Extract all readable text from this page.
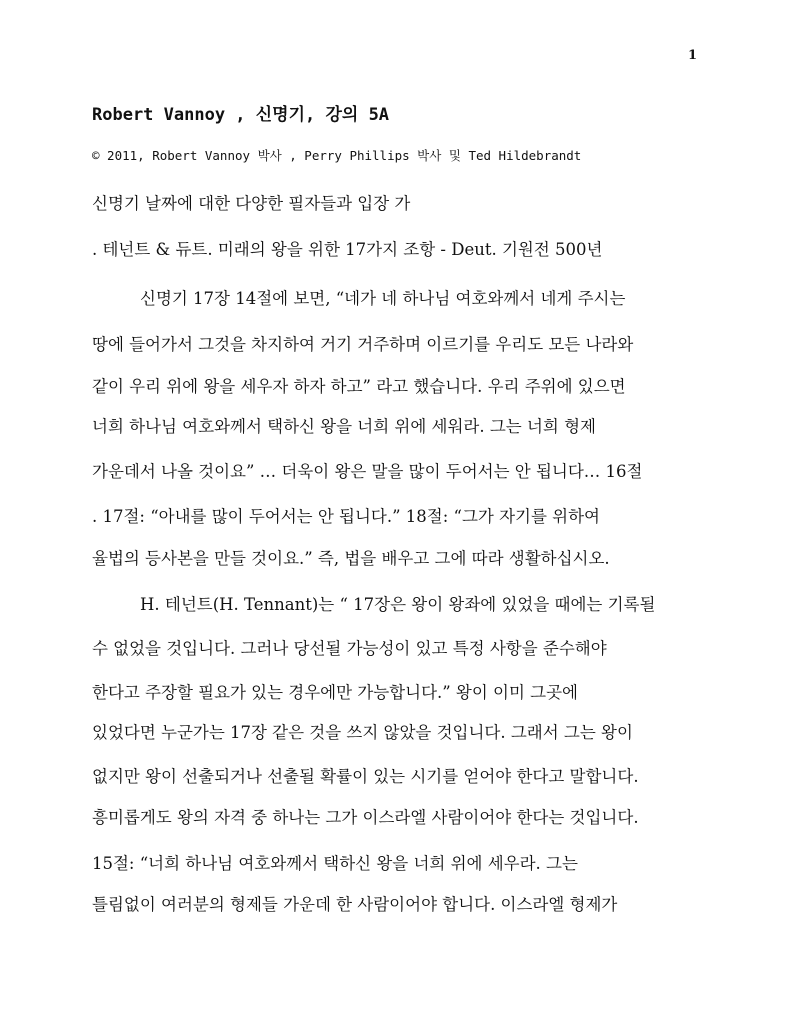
1
Robert Vannoy , 신명기, 강의 5A
© 2011, Robert Vannoy 박사 , Perry Phillips 박사 및 Ted Hildebrandt
신명기 날짜에 대한 다양한 필자들과 입장 가
. 테넌트 & 듀트. 미래의 왕을 위한 17가지 조항 - Deut. 기원전 500년
신명기 17장 14절에 보면, “네가 네 하나님 여호와께서 네게 주시는
땅에 들어가서 그것을 차지하여 거기 거주하며 이르기를 우리도 모든 나라와
같이 우리 위에 왕을 세우자 하자 하고” 라고 했습니다. 우리 주위에 있으면
너희 하나님 여호와께서 택하신 왕을 너희 위에 세워라. 그는 너희 형제
가운데서 나올 것이요” … 더욱이 왕은 말을 많이 두어서는 안 됩니다… 16절
. 17절: “아내를 많이 두어서는 안 됩니다.” 18절: “그가 자기를 위하여
율법의 등사본을 만들 것이요.” 즉, 법을 배우고 그에 따라 생활하십시오.
H. 테넌트(H. Tennant)는 “ 17장은 왕이 왕좌에 있었을 때에는 기록될
수 없었을 것입니다. 그러나 당선될 가능성이 있고 특정 사항을 준수해야
한다고 주장할 필요가 있는 경우에만 가능합니다.” 왕이 이미 그곳에
있었다면 누군가는 17장 같은 것을 쓰지 않았을 것입니다. 그래서 그는 왕이
없지만 왕이 선출되거나 선출될 확률이 있는 시기를 얻어야 한다고 말합니다.
흥미롭게도 왕의 자격 중 하나는 그가 이스라엘 사람이어야 한다는 것입니다.
15절: “너희 하나님 여호와께서 택하신 왕을 너희 위에 세우라. 그는
틀림없이 여러분의 형제들 가운데 한 사람이어야 합니다. 이스라엘 형제가
